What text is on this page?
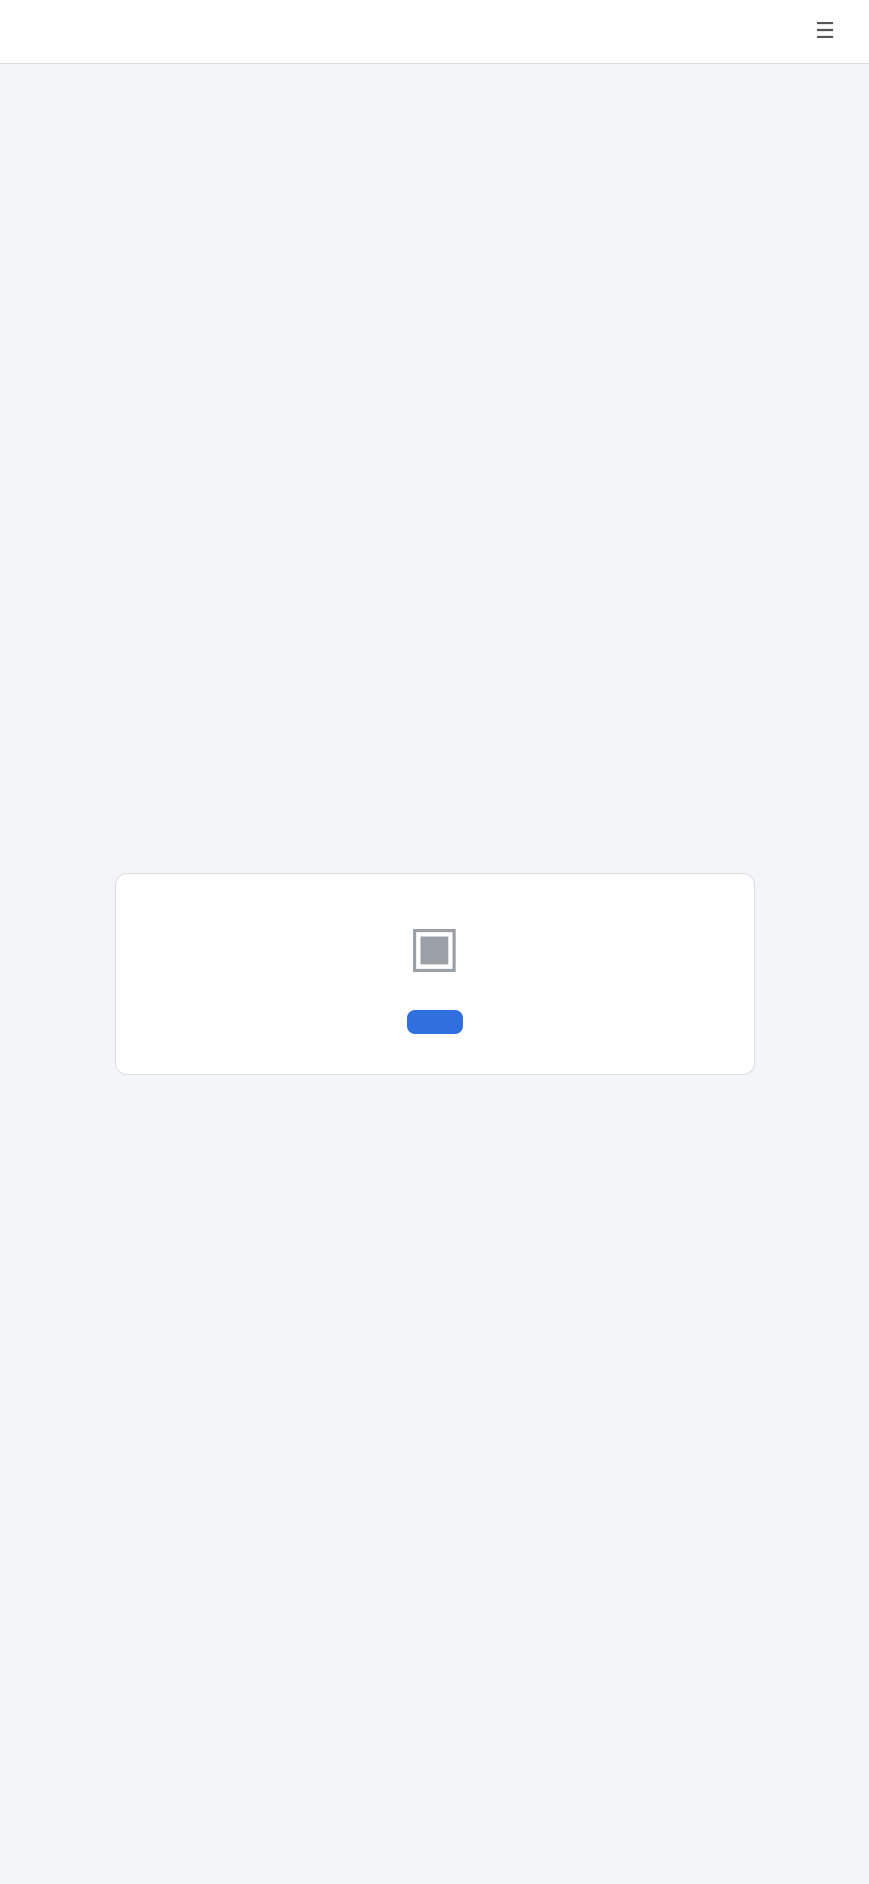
☰
▣
